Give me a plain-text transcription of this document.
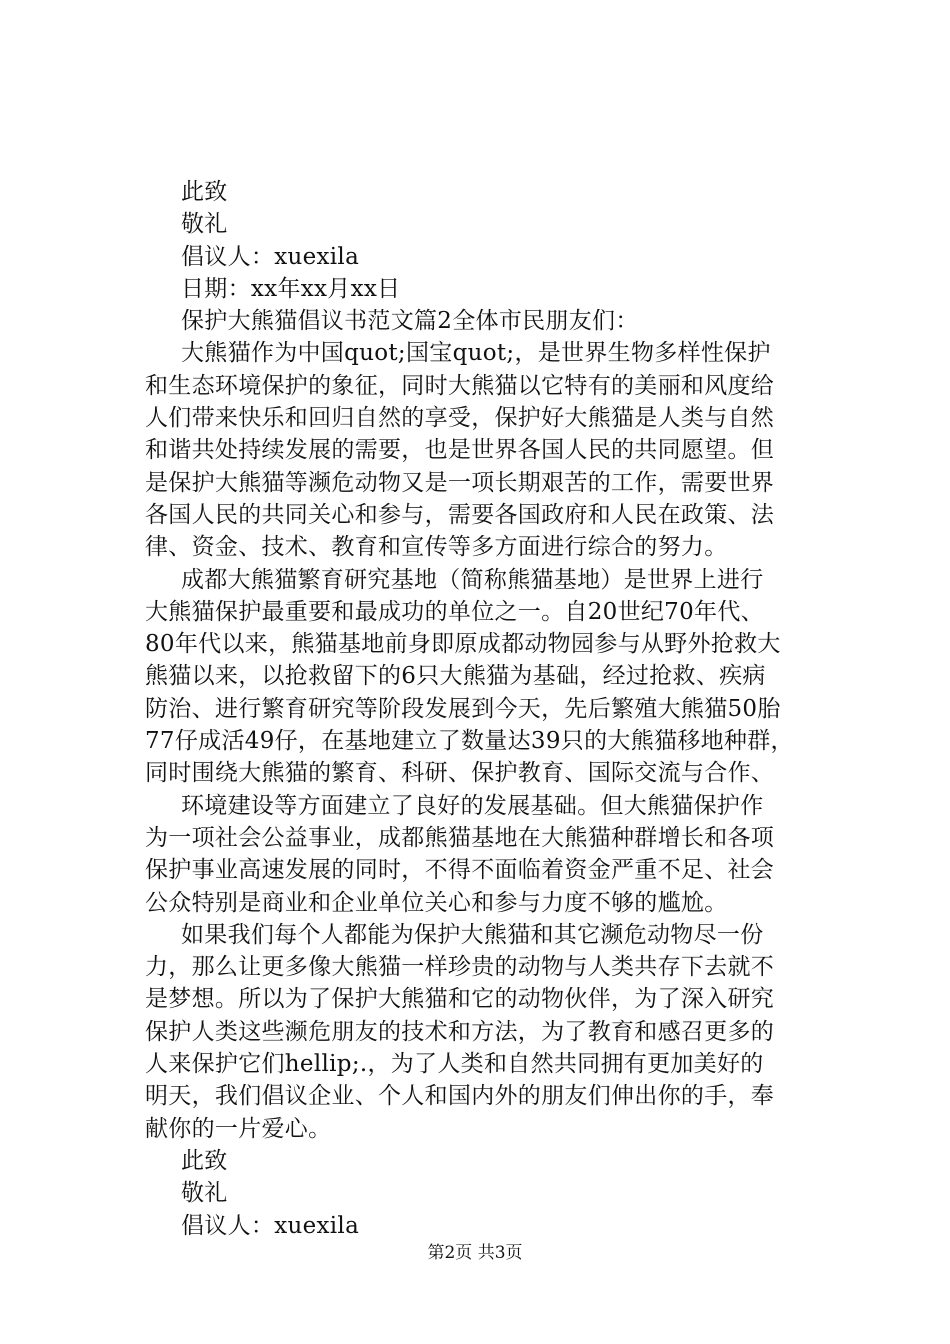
此致
敬礼
倡议人：xuexila
日期：xx年xx月xx日
保护大熊猫倡议书范文篇2全体市民朋友们：
大熊猫作为中国quot;国宝quot;，是世界生物多样性保护
和生态环境保护的象征，同时大熊猫以它特有的美丽和风度给
人们带来快乐和回归自然的享受，保护好大熊猫是人类与自然
和谐共处持续发展的需要，也是世界各国人民的共同愿望。但
是保护大熊猫等濒危动物又是一项长期艰苦的工作，需要世界
各国人民的共同关心和参与，需要各国政府和人民在政策、法
律、资金、技术、教育和宣传等多方面进行综合的努力。
成都大熊猫繁育研究基地（简称熊猫基地）是世界上进行
大熊猫保护最重要和最成功的单位之一。自20世纪70年代、
80年代以来，熊猫基地前身即原成都动物园参与从野外抢救大
熊猫以来，以抢救留下的6只大熊猫为基础，经过抢救、疾病
防治、进行繁育研究等阶段发展到今天，先后繁殖大熊猫50胎
77仔成活49仔，在基地建立了数量达39只的大熊猫移地种群，
同时围绕大熊猫的繁育、科研、保护教育、国际交流与合作、
环境建设等方面建立了良好的发展基础。但大熊猫保护作
为一项社会公益事业，成都熊猫基地在大熊猫种群增长和各项
保护事业高速发展的同时，不得不面临着资金严重不足、社会
公众特别是商业和企业单位关心和参与力度不够的尴尬。
如果我们每个人都能为保护大熊猫和其它濒危动物尽一份
力，那么让更多像大熊猫一样珍贵的动物与人类共存下去就不
是梦想。所以为了保护大熊猫和它的动物伙伴，为了深入研究
保护人类这些濒危朋友的技术和方法，为了教育和感召更多的
人来保护它们hellip;.，为了人类和自然共同拥有更加美好的
明天，我们倡议企业、个人和国内外的朋友们伸出你的手，奉
献你的一片爱心。
此致
敬礼
倡议人：xuexila
第2页 共3页
